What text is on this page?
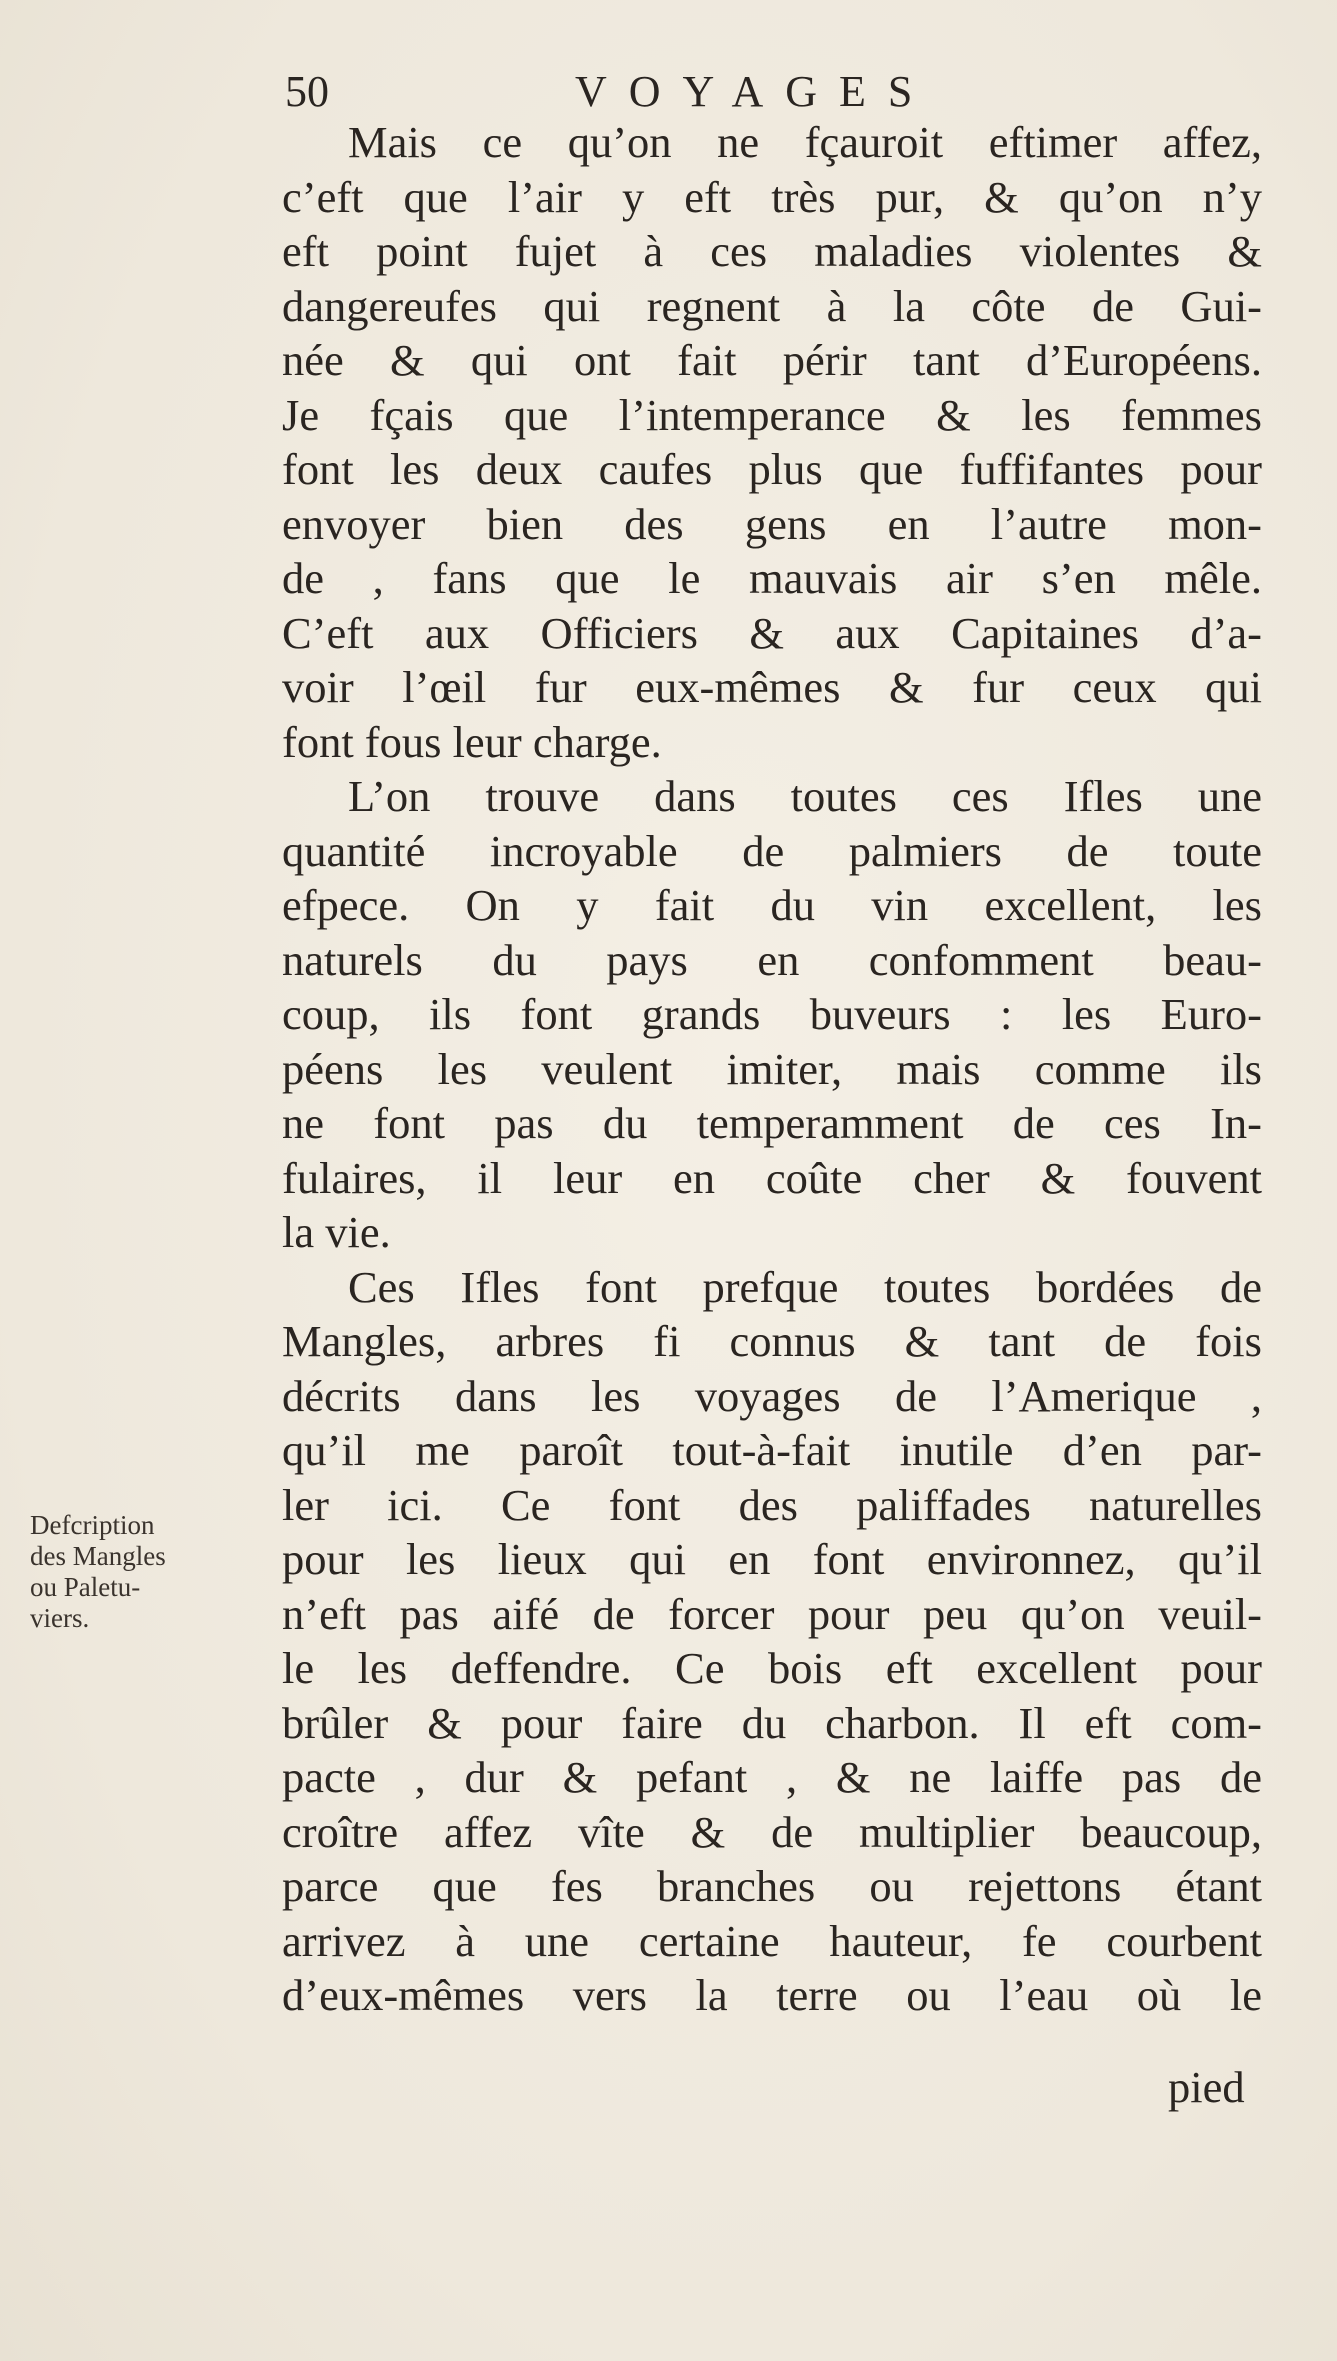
50	VOYAGES
Defcription
des Mangles
ou Paletu-
viers.
Mais ce qu’on ne fçauroit eftimer affez,
c’eft que l’air y eft très pur, & qu’on n’y
eft point fujet à ces maladies violentes &
dangereufes qui regnent à la côte de Gui-
née & qui ont fait périr tant d’Européens.
Je fçais que l’intemperance & les femmes
font les deux caufes plus que fuffifantes pour
envoyer bien des gens en l’autre mon-
de , fans que le mauvais air s’en mêle.
C’eft aux Officiers & aux Capitaines d’a-
voir l’œil fur eux-mêmes & fur ceux qui
font fous leur charge.
L’on trouve dans toutes ces Ifles une
quantité incroyable de palmiers de toute
efpece. On y fait du vin excellent, les
naturels du pays en confomment beau-
coup, ils font grands buveurs : les Euro-
péens les veulent imiter, mais comme ils
ne font pas du temperamment de ces In-
fulaires, il leur en coûte cher & fouvent
la vie.
Ces Ifles font prefque toutes bordées de
Mangles, arbres fi connus & tant de fois
décrits dans les voyages de l’Amerique ,
qu’il me paroît tout-à-fait inutile d’en par-
ler ici. Ce font des paliffades naturelles
pour les lieux qui en font environnez, qu’il
n’eft pas aifé de forcer pour peu qu’on veuil-
le les deffendre. Ce bois eft excellent pour
brûler & pour faire du charbon. Il eft com-
pacte , dur & pefant , & ne laiffe pas de
croître affez vîte & de multiplier beaucoup,
parce que fes branches ou rejettons étant
arrivez à une certaine hauteur, fe courbent
d’eux-mêmes vers la terre ou l’eau où le
pied
